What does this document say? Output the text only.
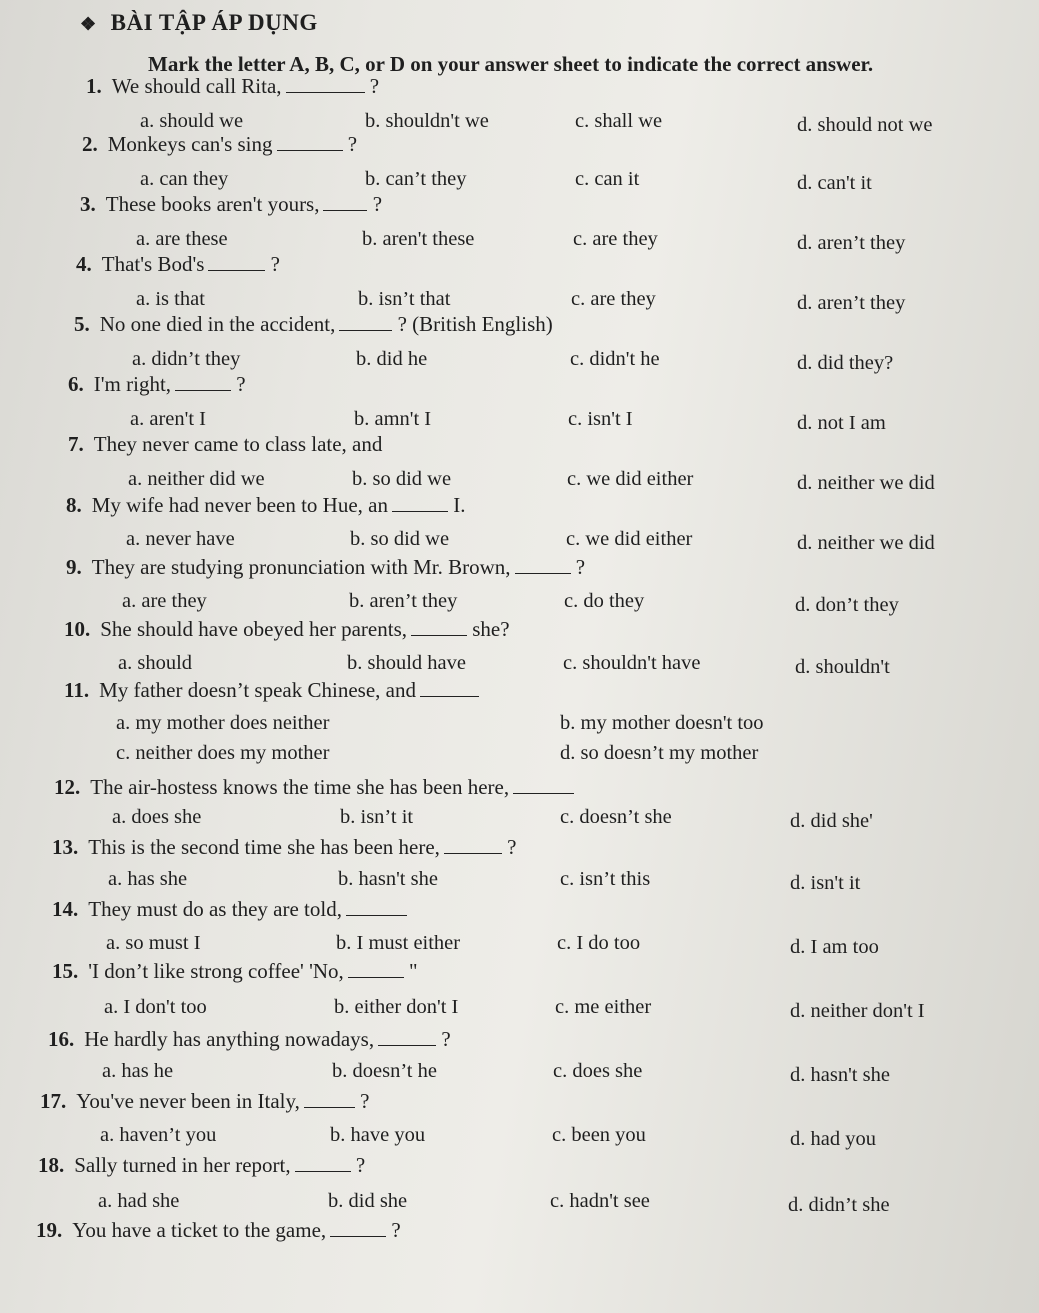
❖ BÀI TẬP ÁP DỤNG
Mark the letter A, B, C, or D on your answer sheet to indicate the correct answer.
1. We should call Rita,	?
a. should we	b. shouldn't we	c. shall we	d. should not we
2. Monkeys can's sing	?
a. can they	b. can’t they	c. can it	d. can't it
3. These books aren't yours, ?
a. are these	b. aren't these	c. are they	d. aren’t they
4. That's Bod's	?
a. is that	b. isn’t that	c. are they	d. aren’t they
5. No one died in the accident,	? (British English)
a. didn’t they	b. did he	c. didn't he	d. did they?
6. I'm right,	?
a. aren't I	b. amn't I	c. isn't I	d. not I am
7. They never came to class late, and
a. neither did we	b. so did we	c. we did either	d. neither we did
8. My wife had never been to Hue, an	I.
a. never have	b. so did we	c. we did either	d. neither we did
9. They are studying pronunciation with Mr. Brown,	?
a. are they	b. aren’t they	c. do they	d. don’t they
10. She should have obeyed her parents,	she?
a. should	b. should have	c. shouldn't have	d. shouldn't
11. My father doesn’t speak Chinese, and
a. my mother does neither	b. my mother doesn't too
c. neither does my mother	d. so doesn’t my mother
12. The air-hostess knows the time she has been here,
a. does she	b. isn’t it	c. doesn’t she	d. did she'
13. This is the second time she has been here,	?
a. has she	b. hasn't she	c. isn’t this	d. isn't it
14. They must do as they are told,
a. so must I	b. I must either	c. I do too	d. I am too
15. 'I don’t like strong coffee' 'No,	"
a. I don't too	b. either don't I	c. me either	d. neither don't I
16. He hardly has anything nowadays,	?
a. has he	b. doesn’t he	c. does she	d. hasn't she
17. You've never been in Italy,	?
a. haven’t you	b. have you	c. been you	d. had you
18. Sally turned in her report,	?
a. had she	b. did she	c. hadn't see	d. didn’t she
19. You have a ticket to the game,	?
